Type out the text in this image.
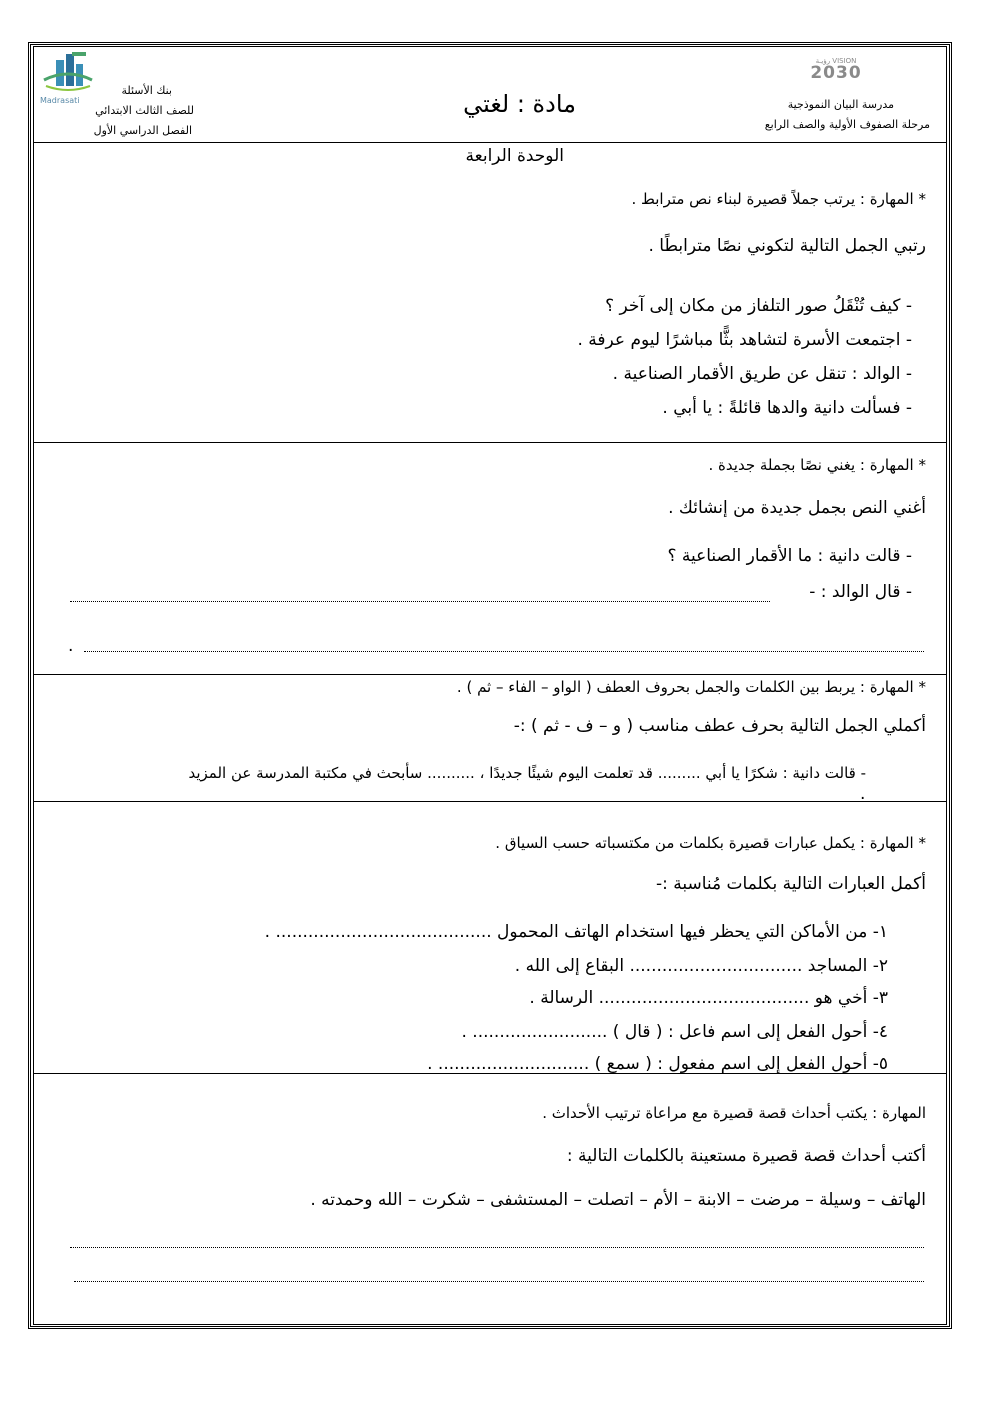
Madrasati
بنك الأسئلة
للصف الثالث الابتدائي
الفصل الدراسي الأول
مادة : لغتي
رؤيـة VISION
2030
مدرسة البيان النموذجية
مرحلة الصفوف الأولية والصف الرابع
الوحدة الرابعة
* المهارة : يرتب جملاً قصيرة لبناء نص مترابط .
رتبي الجمل التالية لتكوني نصًا مترابطًا .
- كيف تُنْقَلُ صور التلفاز من مكان إلى آخر ؟
- اجتمعت الأسرة لتشاهد بثًّا مباشرًا ليوم عرفة .
- الوالد : تنقل عن طريق الأقمار الصناعية .
- فسألت دانية والدها قائلةً : يا أبي .
* المهارة : يغني نصًا بجملة جديدة .
أغني النص بجمل جديدة من إنشائك .
- قالت دانية : ما الأقمار الصناعية ؟
- قال الوالد : -
.
* المهارة : يربط بين الكلمات والجمل بحروف العطف ( الواو – الفاء – ثم ) .
أكملي الجمل التالية بحرف عطف مناسب ( و – ف - ثم ) :-
- قالت دانية : شكرًا يا أبي ......... قد تعلمت اليوم شيئًا جديدًا ، .......... سأبحث في مكتبة المدرسة عن المزيد
.
* المهارة : يكمل عبارات قصيرة بكلمات من مكتسباته حسب السياق .
أكمل العبارات التالية بكلمات مُناسبة :-
١- من الأماكن التي يحظر فيها استخدام الهاتف المحمول ........................................ .
٢- المساجد ................................ البقاع إلى الله .
٣- أخي هو ....................................... الرسالة .
٤- أحول الفعل إلى اسم فاعل : ( قال ) ......................... .
٥- أحول الفعل إلى اسم مفعول : ( سمع ) ............................ .
المهارة : يكتب أحداث قصة قصيرة مع مراعاة ترتيب الأحداث .
أكتب أحداث قصة قصيرة مستعينة بالكلمات التالية :
الهاتف – وسيلة – مرضت – الابنة – الأم – اتصلت – المستشفى – شكرت – الله وحمدته .
